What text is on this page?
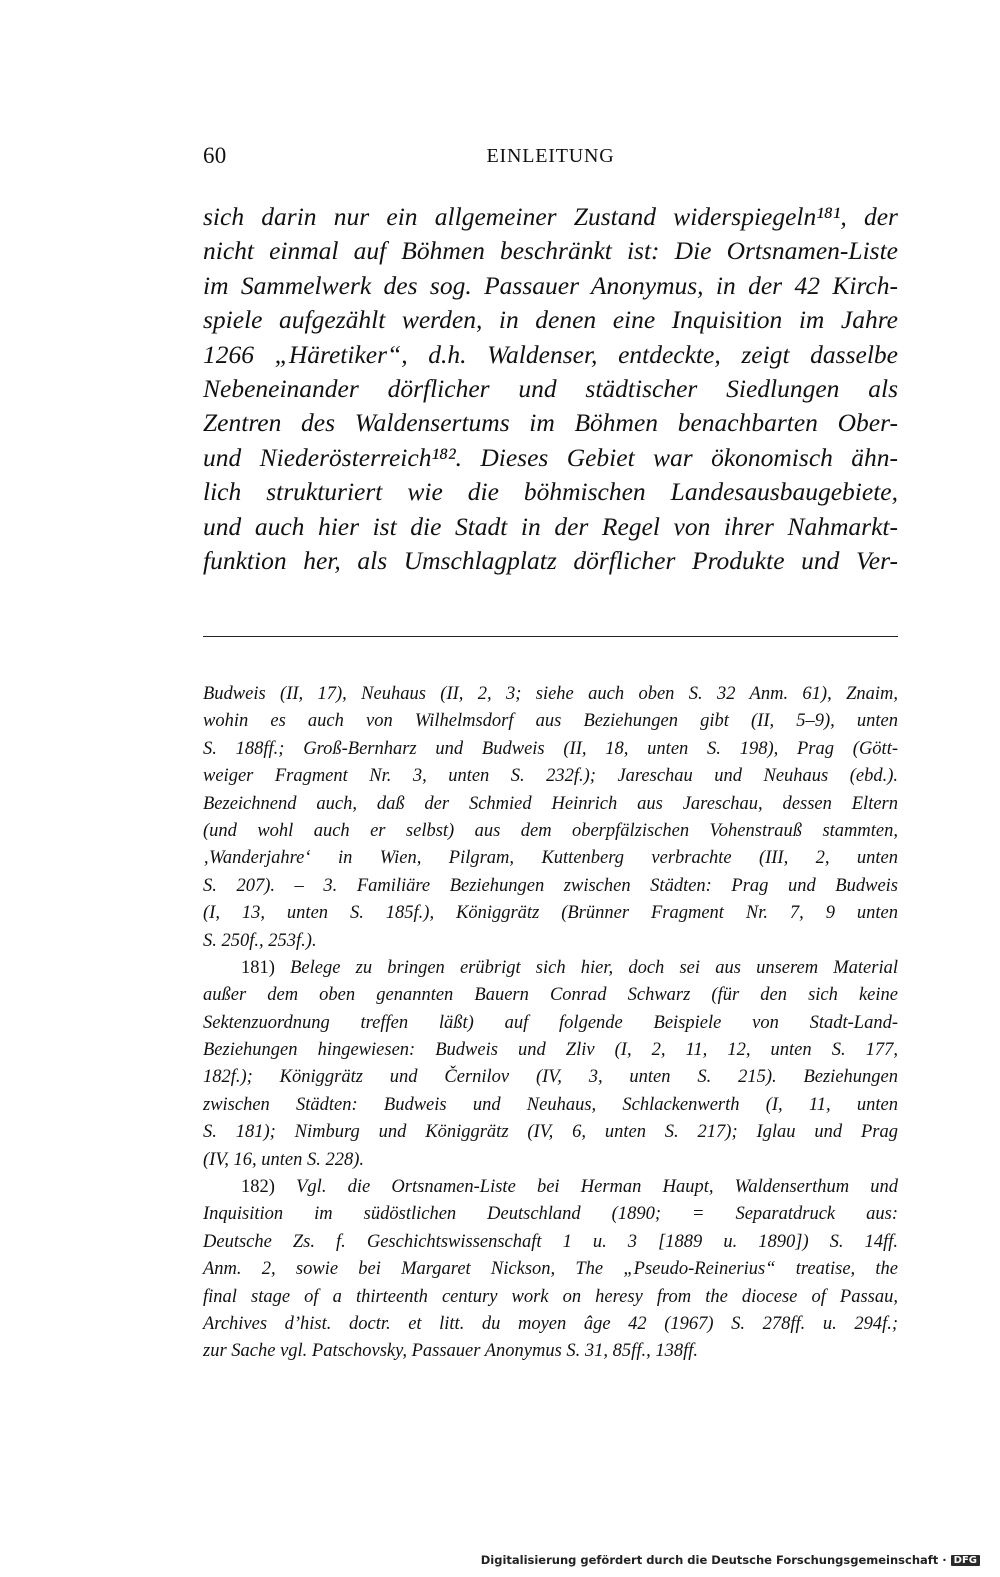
60	EINLEITUNG
sich darin nur ein allgemeiner Zustand widerspiegeln¹⁸¹, der
nicht einmal auf Böhmen beschränkt ist: Die Ortsnamen-Liste
im Sammelwerk des sog. Passauer Anonymus, in der 42 Kirch-
spiele aufgezählt werden, in denen eine Inquisition im Jahre
1266 „Häretiker“, d.h. Waldenser, entdeckte, zeigt dasselbe
Nebeneinander dörflicher und städtischer Siedlungen als
Zentren des Waldensertums im Böhmen benachbarten Ober-
und Niederösterreich¹⁸². Dieses Gebiet war ökonomisch ähn-
lich strukturiert wie die böhmischen Landesausbaugebiete,
und auch hier ist die Stadt in der Regel von ihrer Nahmarkt-
funktion her, als Umschlagplatz dörflicher Produkte und Ver-
Budweis (II, 17), Neuhaus (II, 2, 3; siehe auch oben S. 32 Anm. 61), Znaim,
wohin es auch von Wilhelmsdorf aus Beziehungen gibt (II, 5–9), unten
S. 188ff.; Groß-Bernharz und Budweis (II, 18, unten S. 198), Prag (Gött-
weiger Fragment Nr. 3, unten S. 232f.); Jareschau und Neuhaus (ebd.).
Bezeichnend auch, daß der Schmied Heinrich aus Jareschau, dessen Eltern
(und wohl auch er selbst) aus dem oberpfälzischen Vohenstrauß stammten,
‚Wanderjahre‘ in Wien, Pilgram, Kuttenberg verbrachte (III, 2, unten
S. 207). – 3. Familiäre Beziehungen zwischen Städten: Prag und Budweis
(I, 13, unten S. 185f.), Königgrätz (Brünner Fragment Nr. 7, 9 unten
S. 250f., 253f.).
181) Belege zu bringen erübrigt sich hier, doch sei aus unserem Material
außer dem oben genannten Bauern Conrad Schwarz (für den sich keine
Sektenzuordnung treffen läßt) auf folgende Beispiele von Stadt-Land-
Beziehungen hingewiesen: Budweis und Zliv (I, 2, 11, 12, unten S. 177,
182f.); Königgrätz und Černilov (IV, 3, unten S. 215). Beziehungen
zwischen Städten: Budweis und Neuhaus, Schlackenwerth (I, 11, unten
S. 181); Nimburg und Königgrätz (IV, 6, unten S. 217); Iglau und Prag
(IV, 16, unten S. 228).
182) Vgl. die Ortsnamen-Liste bei Herman Haupt, Waldenserthum und
Inquisition im südöstlichen Deutschland (1890; = Separatdruck aus:
Deutsche Zs. f. Geschichtswissenschaft 1 u. 3 [1889 u. 1890]) S. 14ff.
Anm. 2, sowie bei Margaret Nickson, The „Pseudo-Reinerius“ treatise, the
final stage of a thirteenth century work on heresy from the diocese of Passau,
Archives d’hist. doctr. et litt. du moyen âge 42 (1967) S. 278ff. u. 294f.;
zur Sache vgl. Patschovsky, Passauer Anonymus S. 31, 85ff., 138ff.
Digitalisierung gefördert durch die Deutsche Forschungsgemeinschaft · DFG
